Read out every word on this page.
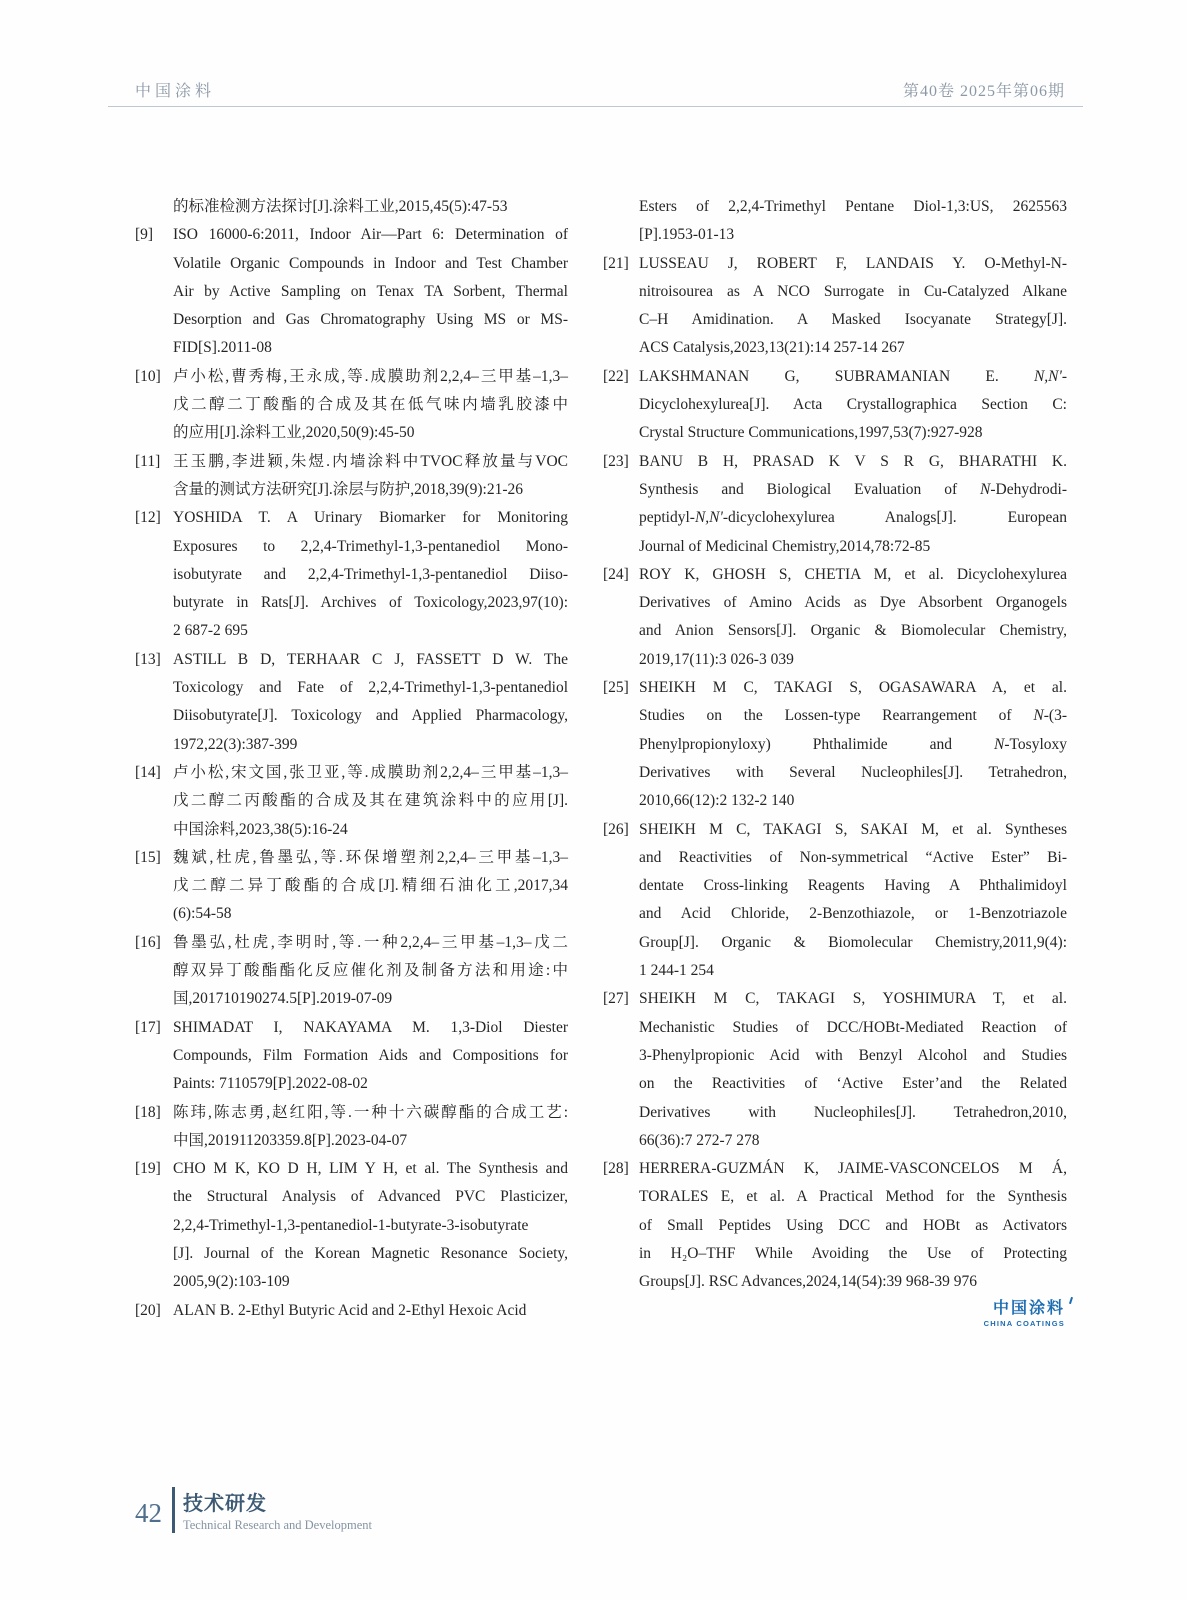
中国涂料	第40卷 2025年第06期
的标准检测方法探讨[J].涂料工业,2015,45(5):47-53
[9]	ISO 16000-6:2011, Indoor Air—Part 6: Determination of
Volatile Organic Compounds in Indoor and Test Chamber
Air by Active Sampling on Tenax TA Sorbent, Thermal
Desorption and Gas Chromatography Using MS or MS-
FID[S].2011-08
[10] 卢小松,曹秀梅,王永成,等.成膜助剂2,2,4–三甲基–1,3–
戊二醇二丁酸酯的合成及其在低气味内墙乳胶漆中
的应用[J].涂料工业,2020,50(9):45-50
[11] 王玉鹏,李进颖,朱煜.内墙涂料中TVOC释放量与VOC
含量的测试方法研究[J].涂层与防护,2018,39(9):21-26
[12] YOSHIDA T. A Urinary Biomarker for Monitoring
Exposures to 2,2,4-Trimethyl-1,3-pentanediol Mono-
isobutyrate and 2,2,4-Trimethyl-1,3-pentanediol Diiso-
butyrate in Rats[J]. Archives of Toxicology,2023,97(10):
2 687-2 695
[13] ASTILL B D, TERHAAR C J, FASSETT D W. The
Toxicology and Fate of 2,2,4-Trimethyl-1,3-pentanediol
Diisobutyrate[J]. Toxicology and Applied Pharmacology,
1972,22(3):387-399
[14] 卢小松,宋文国,张卫亚,等.成膜助剂2,2,4–三甲基–1,3–
戊二醇二丙酸酯的合成及其在建筑涂料中的应用[J].
中国涂料,2023,38(5):16-24
[15] 魏斌,杜虎,鲁墨弘,等.环保增塑剂2,2,4–三甲基–1,3–
戊二醇二异丁酸酯的合成[J].精细石油化工,2017,34
(6):54-58
[16] 鲁墨弘,杜虎,李明时,等.一种2,2,4–三甲基–1,3–戊二
醇双异丁酸酯酯化反应催化剂及制备方法和用途:中
国,201710190274.5[P].2019-07-09
[17] SHIMADAT I, NAKAYAMA M. 1,3-Diol Diester
Compounds, Film Formation Aids and Compositions for
Paints: 7110579[P].2022-08-02
[18] 陈玮,陈志勇,赵红阳,等.一种十六碳醇酯的合成工艺:
中国,201911203359.8[P].2023-04-07
[19] CHO M K, KO D H, LIM Y H, et al. The Synthesis and
the Structural Analysis of Advanced PVC Plasticizer,
2,2,4-Trimethyl-1,3-pentanediol-1-butyrate-3-isobutyrate
[J]. Journal of the Korean Magnetic Resonance Society,
2005,9(2):103-109
[20] ALAN B. 2-Ethyl Butyric Acid and 2-Ethyl Hexoic Acid
Esters of 2,2,4-Trimethyl Pentane Diol-1,3:US, 2625563
[P].1953-01-13
[21] LUSSEAU J, ROBERT F, LANDAIS Y. O-Methyl-N-
nitroisourea as A NCO Surrogate in Cu-Catalyzed Alkane
C–H Amidination. A Masked Isocyanate Strategy[J].
ACS Catalysis,2023,13(21):14 257-14 267
[22] LAKSHMANAN G, SUBRAMANIAN E. N,N'-
Dicyclohexylurea[J]. Acta Crystallographica Section C:
Crystal Structure Communications,1997,53(7):927-928
[23] BANU B H, PRASAD K V S R G, BHARATHI K.
Synthesis and Biological Evaluation of N-Dehydrodi-
peptidyl-N,N'-dicyclohexylurea Analogs[J]. European
Journal of Medicinal Chemistry,2014,78:72-85
[24] ROY K, GHOSH S, CHETIA M, et al. Dicyclohexylurea
Derivatives of Amino Acids as Dye Absorbent Organogels
and Anion Sensors[J]. Organic & Biomolecular Chemistry,
2019,17(11):3 026-3 039
[25] SHEIKH M C, TAKAGI S, OGASAWARA A, et al.
Studies on the Lossen-type Rearrangement of N-(3-
Phenylpropionyloxy) Phthalimide and N-Tosyloxy
Derivatives with Several Nucleophiles[J]. Tetrahedron,
2010,66(12):2 132-2 140
[26] SHEIKH M C, TAKAGI S, SAKAI M, et al. Syntheses
and Reactivities of Non-symmetrical “Active Ester” Bi-
dentate Cross-linking Reagents Having A Phthalimidoyl
and Acid Chloride, 2-Benzothiazole, or 1-Benzotriazole
Group[J]. Organic & Biomolecular Chemistry,2011,9(4):
1 244-1 254
[27] SHEIKH M C, TAKAGI S, YOSHIMURA T, et al.
Mechanistic Studies of DCC/HOBt-Mediated Reaction of
3-Phenylpropionic Acid with Benzyl Alcohol and Studies
on the Reactivities of ‘Active Ester’and the Related
Derivatives with Nucleophiles[J]. Tetrahedron,2010,
66(36):7 272-7 278
[28] HERRERA-GUZMÁN K, JAIME-VASCONCELOS M Á,
TORALES E, et al. A Practical Method for the Synthesis
of Small Peptides Using DCC and HOBt as Activators
in H₂O–THF While Avoiding the Use of Protecting
Groups[J]. RSC Advances,2024,14(54):39 968-39 976
中国涂料
CHINA COATINGS
42 技术研发
Technical Research and Development
